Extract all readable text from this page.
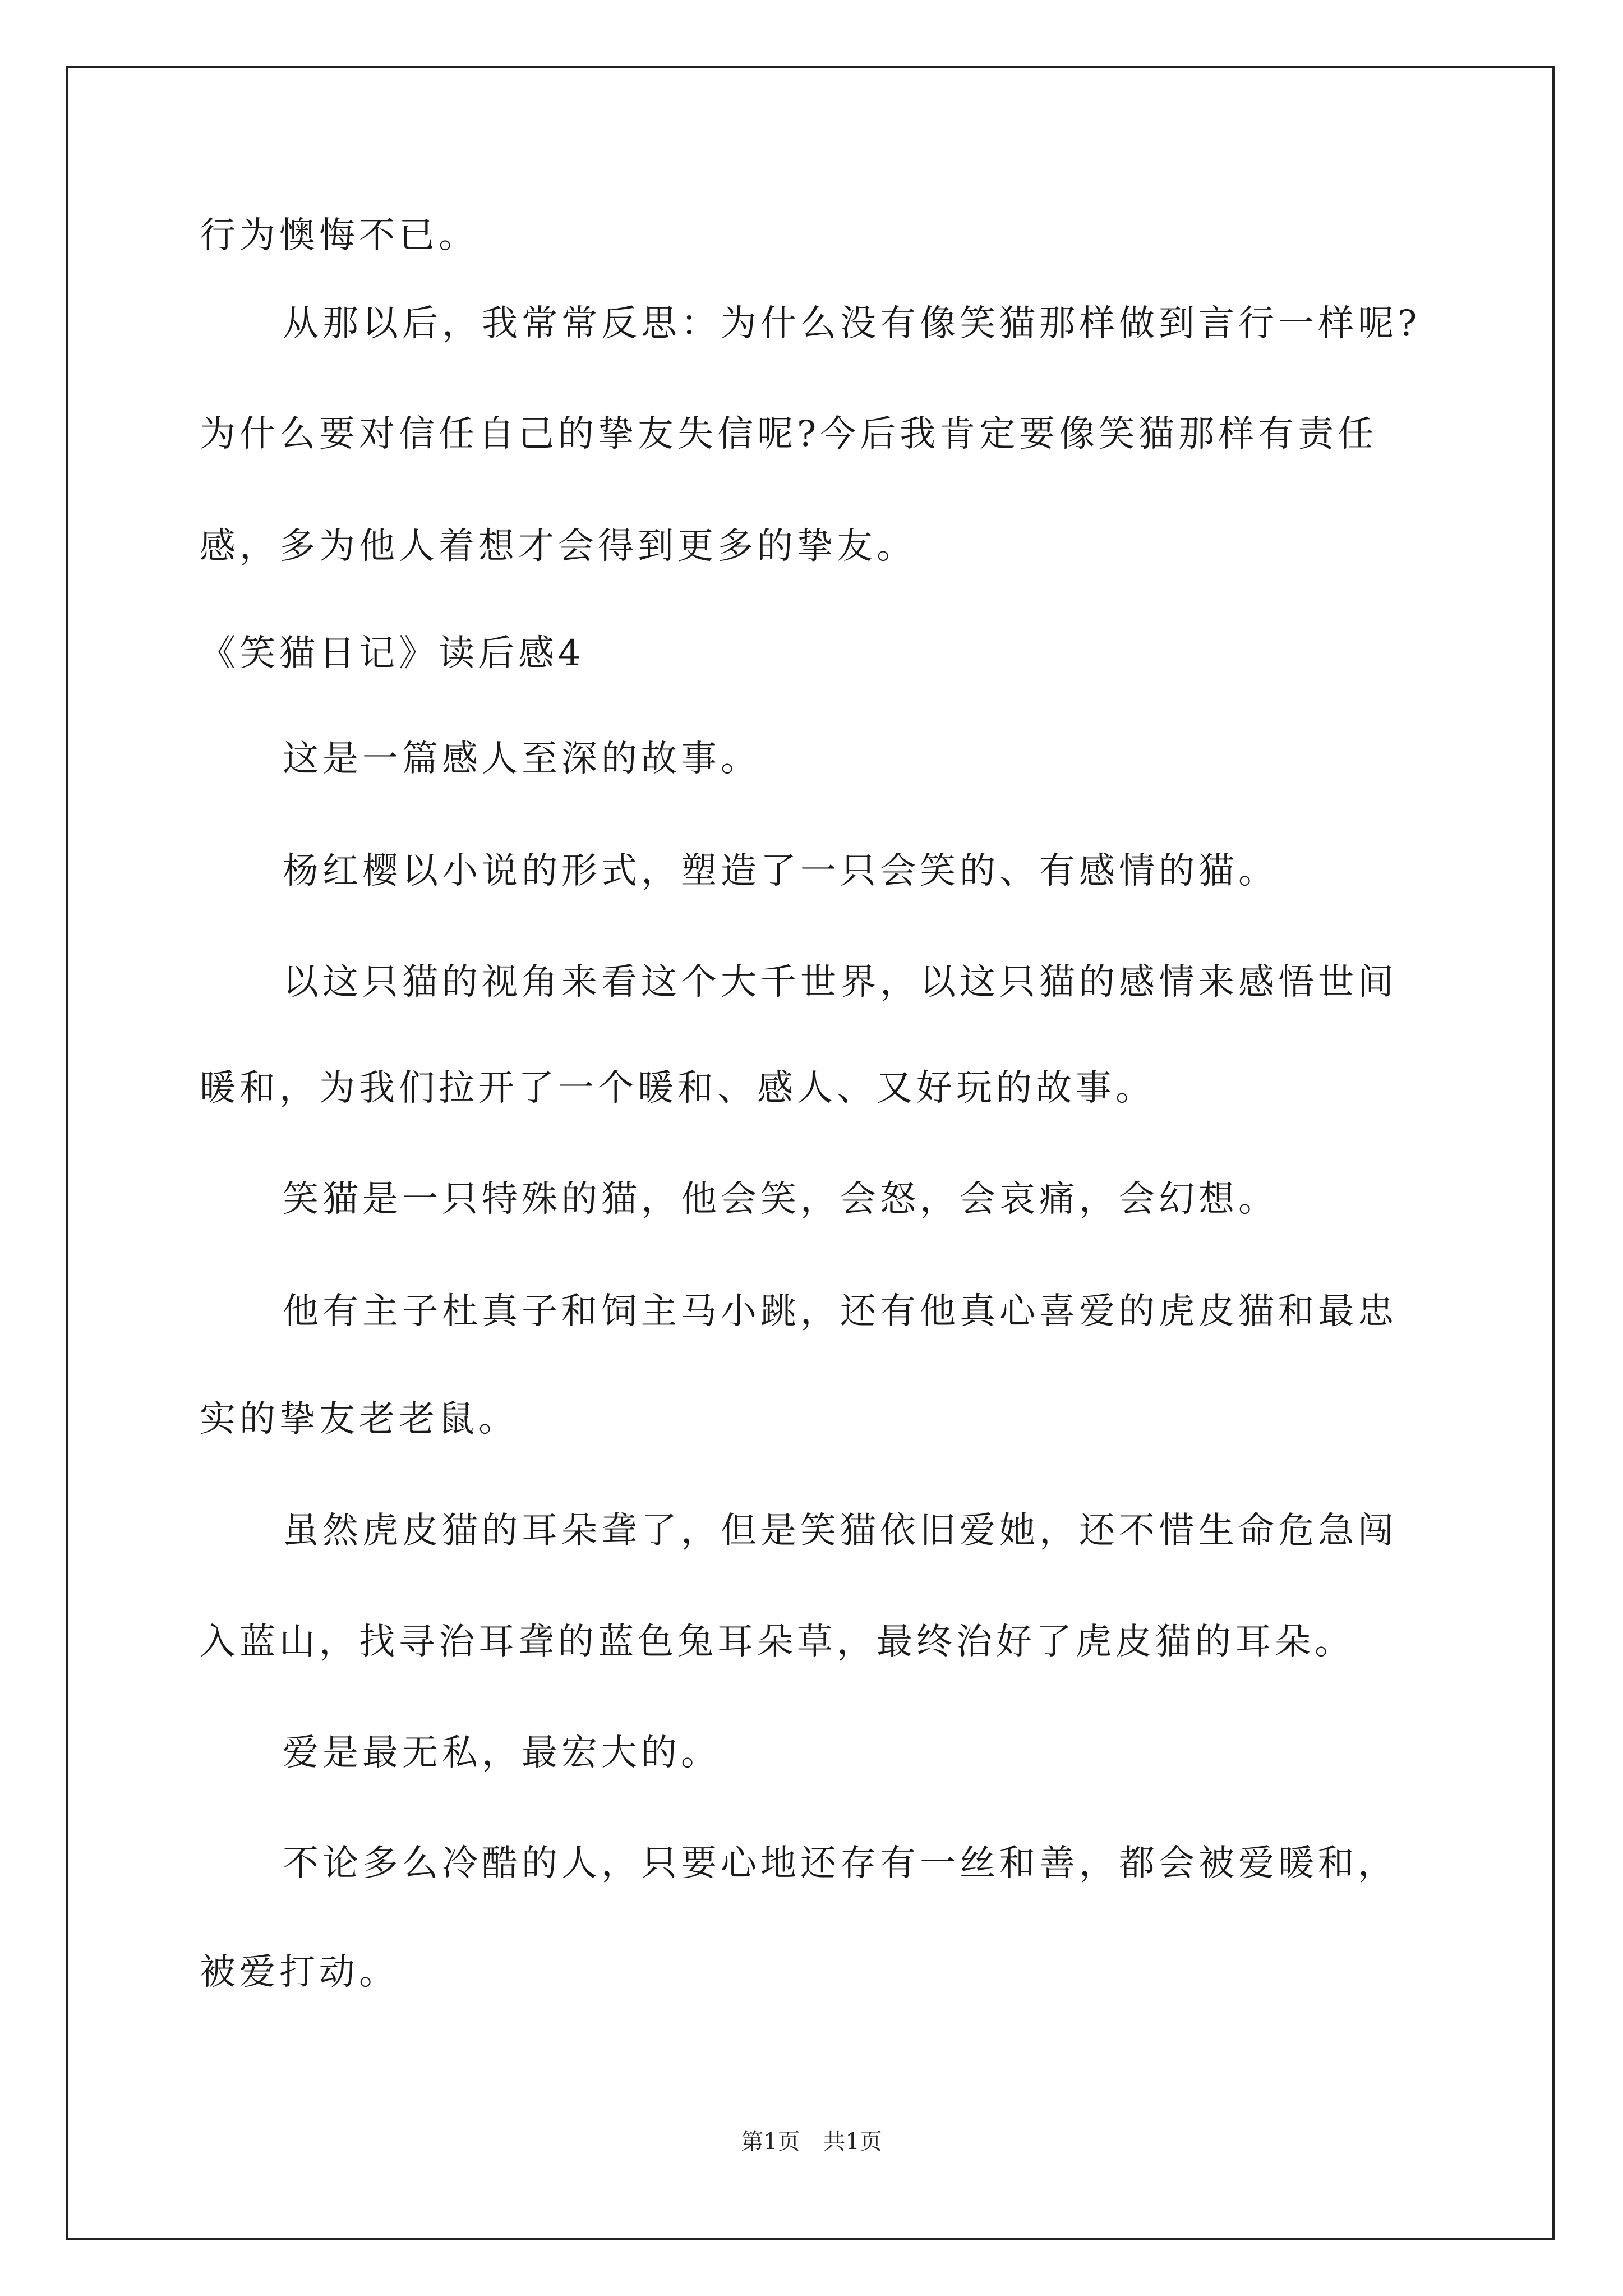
行为懊悔不已。
从那以后，我常常反思：为什么没有像笑猫那样做到言行一样呢?
为什么要对信任自己的挚友失信呢?今后我肯定要像笑猫那样有责任
感，多为他人着想才会得到更多的挚友。
《笑猫日记》读后感4
这是一篇感人至深的故事。
杨红樱以小说的形式，塑造了一只会笑的、有感情的猫。
以这只猫的视角来看这个大千世界，以这只猫的感情来感悟世间
暖和，为我们拉开了一个暖和、感人、又好玩的故事。
笑猫是一只特殊的猫，他会笑，会怒，会哀痛，会幻想。
他有主子杜真子和饲主马小跳，还有他真心喜爱的虎皮猫和最忠
实的挚友老老鼠。
虽然虎皮猫的耳朵聋了，但是笑猫依旧爱她，还不惜生命危急闯
入蓝山，找寻治耳聋的蓝色兔耳朵草，最终治好了虎皮猫的耳朵。
爱是最无私，最宏大的。
不论多么冷酷的人，只要心地还存有一丝和善，都会被爱暖和，
被爱打动。
第1页 共1页
